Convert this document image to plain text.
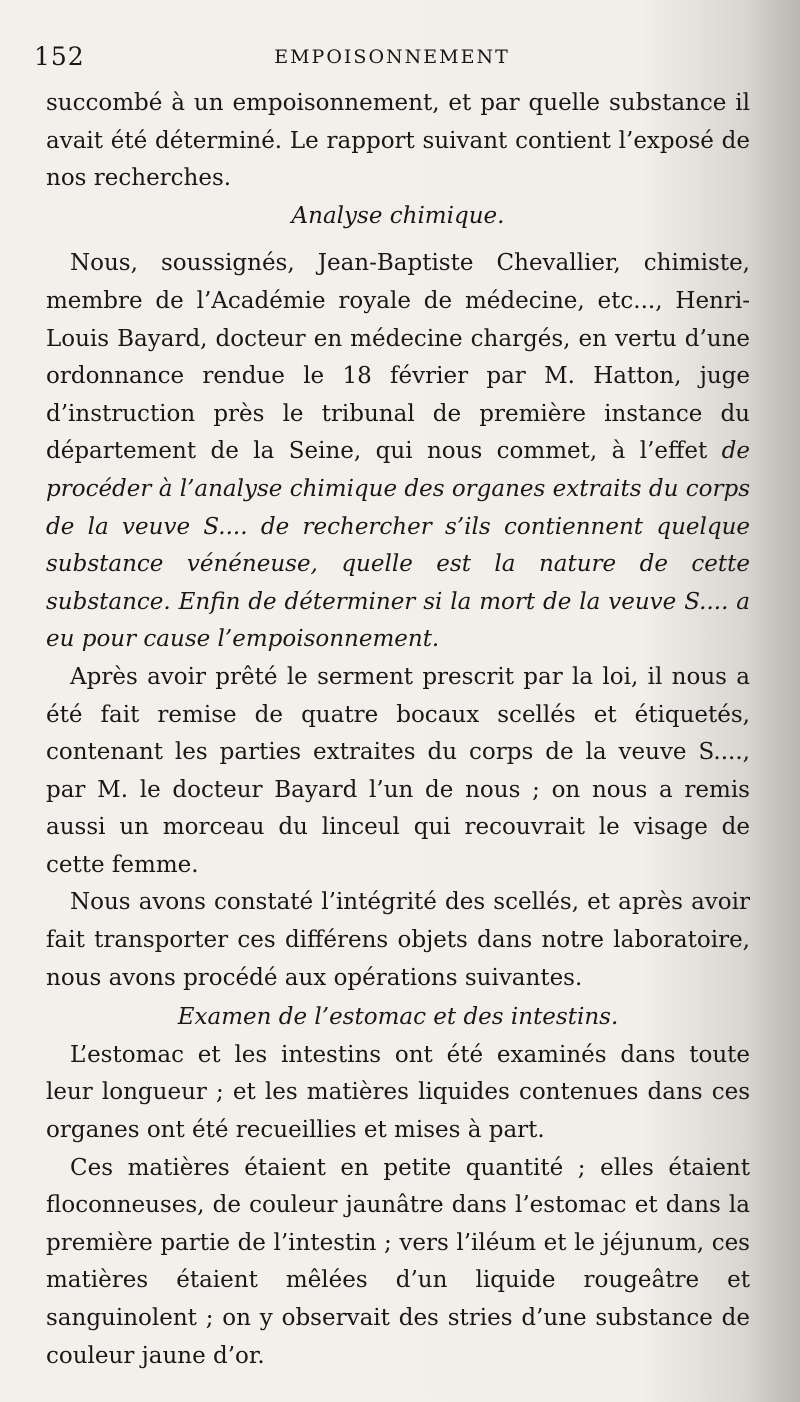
152	EMPOISONNEMENT

succombé à un empoisonnement, et par quelle substance il avait été déterminé. Le rapport suivant contient l’exposé de nos recherches.

Analyse chimique.

Nous, soussignés, Jean-Baptiste Chevallier, chimiste, membre de l’Académie royale de médecine, etc..., Henri-Louis Bayard, docteur en médecine chargés, en vertu d’une ordonnance rendue le 18 février par M. Hatton, juge d’instruction près le tribunal de première instance du département de la Seine, qui nous commet, à l’effet de procéder à l’analyse chimique des organes extraits du corps de la veuve S.... de rechercher s’ils contiennent quelque substance vénéneuse, quelle est la nature de cette substance. Enfin de déterminer si la mort de la veuve S.... a eu pour cause l’empoisonnement.

Après avoir prêté le serment prescrit par la loi, il nous a été fait remise de quatre bocaux scellés et étiquetés, contenant les parties extraites du corps de la veuve S...., par M. le docteur Bayard l’un de nous ; on nous a remis aussi un morceau du linceul qui recouvrait le visage de cette femme.

Nous avons constaté l’intégrité des scellés, et après avoir fait transporter ces différens objets dans notre laboratoire, nous avons procédé aux opérations suivantes.

Examen de l’estomac et des intestins.

L’estomac et les intestins ont été examinés dans toute leur longueur ; et les matières liquides contenues dans ces organes ont été recueillies et mises à part.

Ces matières étaient en petite quantité ; elles étaient floconneuses, de couleur jaunâtre dans l’estomac et dans la première partie de l’intestin ; vers l’iléum et le jéjunum, ces matières étaient mêlées d’un liquide rougeâtre et sanguinolent ; on y observait des stries d’une substance de couleur jaune d’or.
